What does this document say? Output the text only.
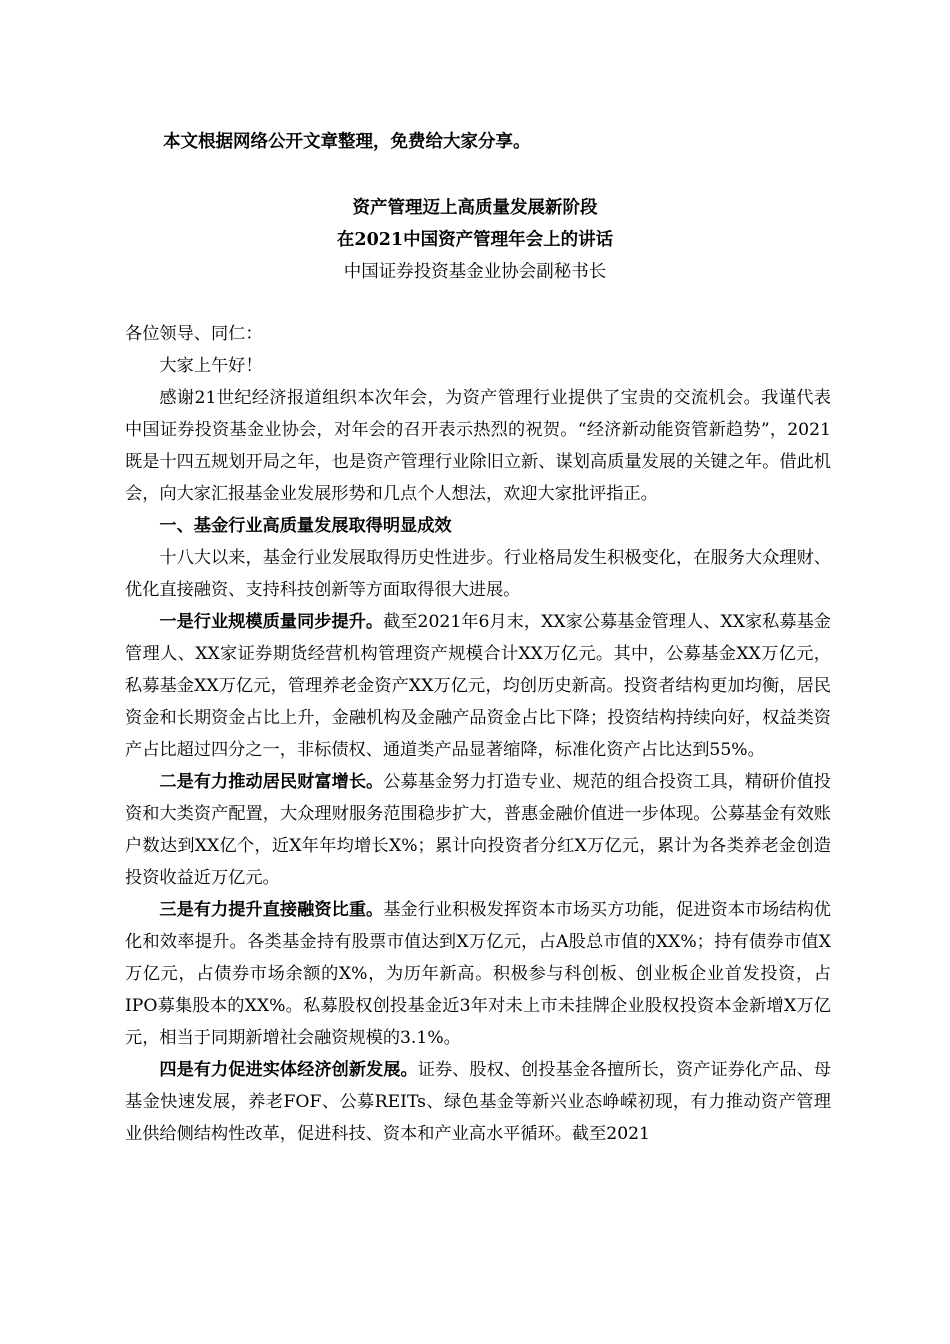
本文根据网络公开文章整理，免费给大家分享。
资产管理迈上高质量发展新阶段
在2021中国资产管理年会上的讲话
中国证券投资基金业协会副秘书长

各位领导、同仁：

大家上午好！

感谢21世纪经济报道组织本次年会，为资产管理行业提供了宝贵的交流机会。我谨代表中国证券投资基金业协会，对年会的召开表示热烈的祝贺。“经济新动能资管新趋势”，2021既是十四五规划开局之年，也是资产管理行业除旧立新、谋划高质量发展的关键之年。借此机会，向大家汇报基金业发展形势和几点个人想法，欢迎大家批评指正。

一、基金行业高质量发展取得明显成效

十八大以来，基金行业发展取得历史性进步。行业格局发生积极变化，在服务大众理财、优化直接融资、支持科技创新等方面取得很大进展。

一是行业规模质量同步提升。截至2021年6月末，XX家公募基金管理人、XX家私募基金管理人、XX家证券期货经营机构管理资产规模合计XX万亿元。其中，公募基金XX万亿元，私募基金XX万亿元，管理养老金资产XX万亿元，均创历史新高。投资者结构更加均衡，居民资金和长期资金占比上升，金融机构及金融产品资金占比下降；投资结构持续向好，权益类资产占比超过四分之一，非标债权、通道类产品显著缩降，标准化资产占比达到55%。

二是有力推动居民财富增长。公募基金努力打造专业、规范的组合投资工具，精研价值投资和大类资产配置，大众理财服务范围稳步扩大，普惠金融价值进一步体现。公募基金有效账户数达到XX亿个，近X年年均增长X%；累计向投资者分红X万亿元，累计为各类养老金创造投资收益近万亿元。

三是有力提升直接融资比重。基金行业积极发挥资本市场买方功能，促进资本市场结构优化和效率提升。各类基金持有股票市值达到X万亿元，占A股总市值的XX%；持有债券市值X万亿元，占债券市场余额的X%，为历年新高。积极参与科创板、创业板企业首发投资，占IPO募集股本的XX%。私募股权创投基金近3年对未上市未挂牌企业股权投资本金新增X万亿元，相当于同期新增社会融资规模的3.1%。

四是有力促进实体经济创新发展。证券、股权、创投基金各擅所长，资产证券化产品、母基金快速发展，养老FOF、公募REITs、绿色基金等新兴业态峥嵘初现，有力推动资产管理业供给侧结构性改革，促进科技、资本和产业高水平循环。截至2021
